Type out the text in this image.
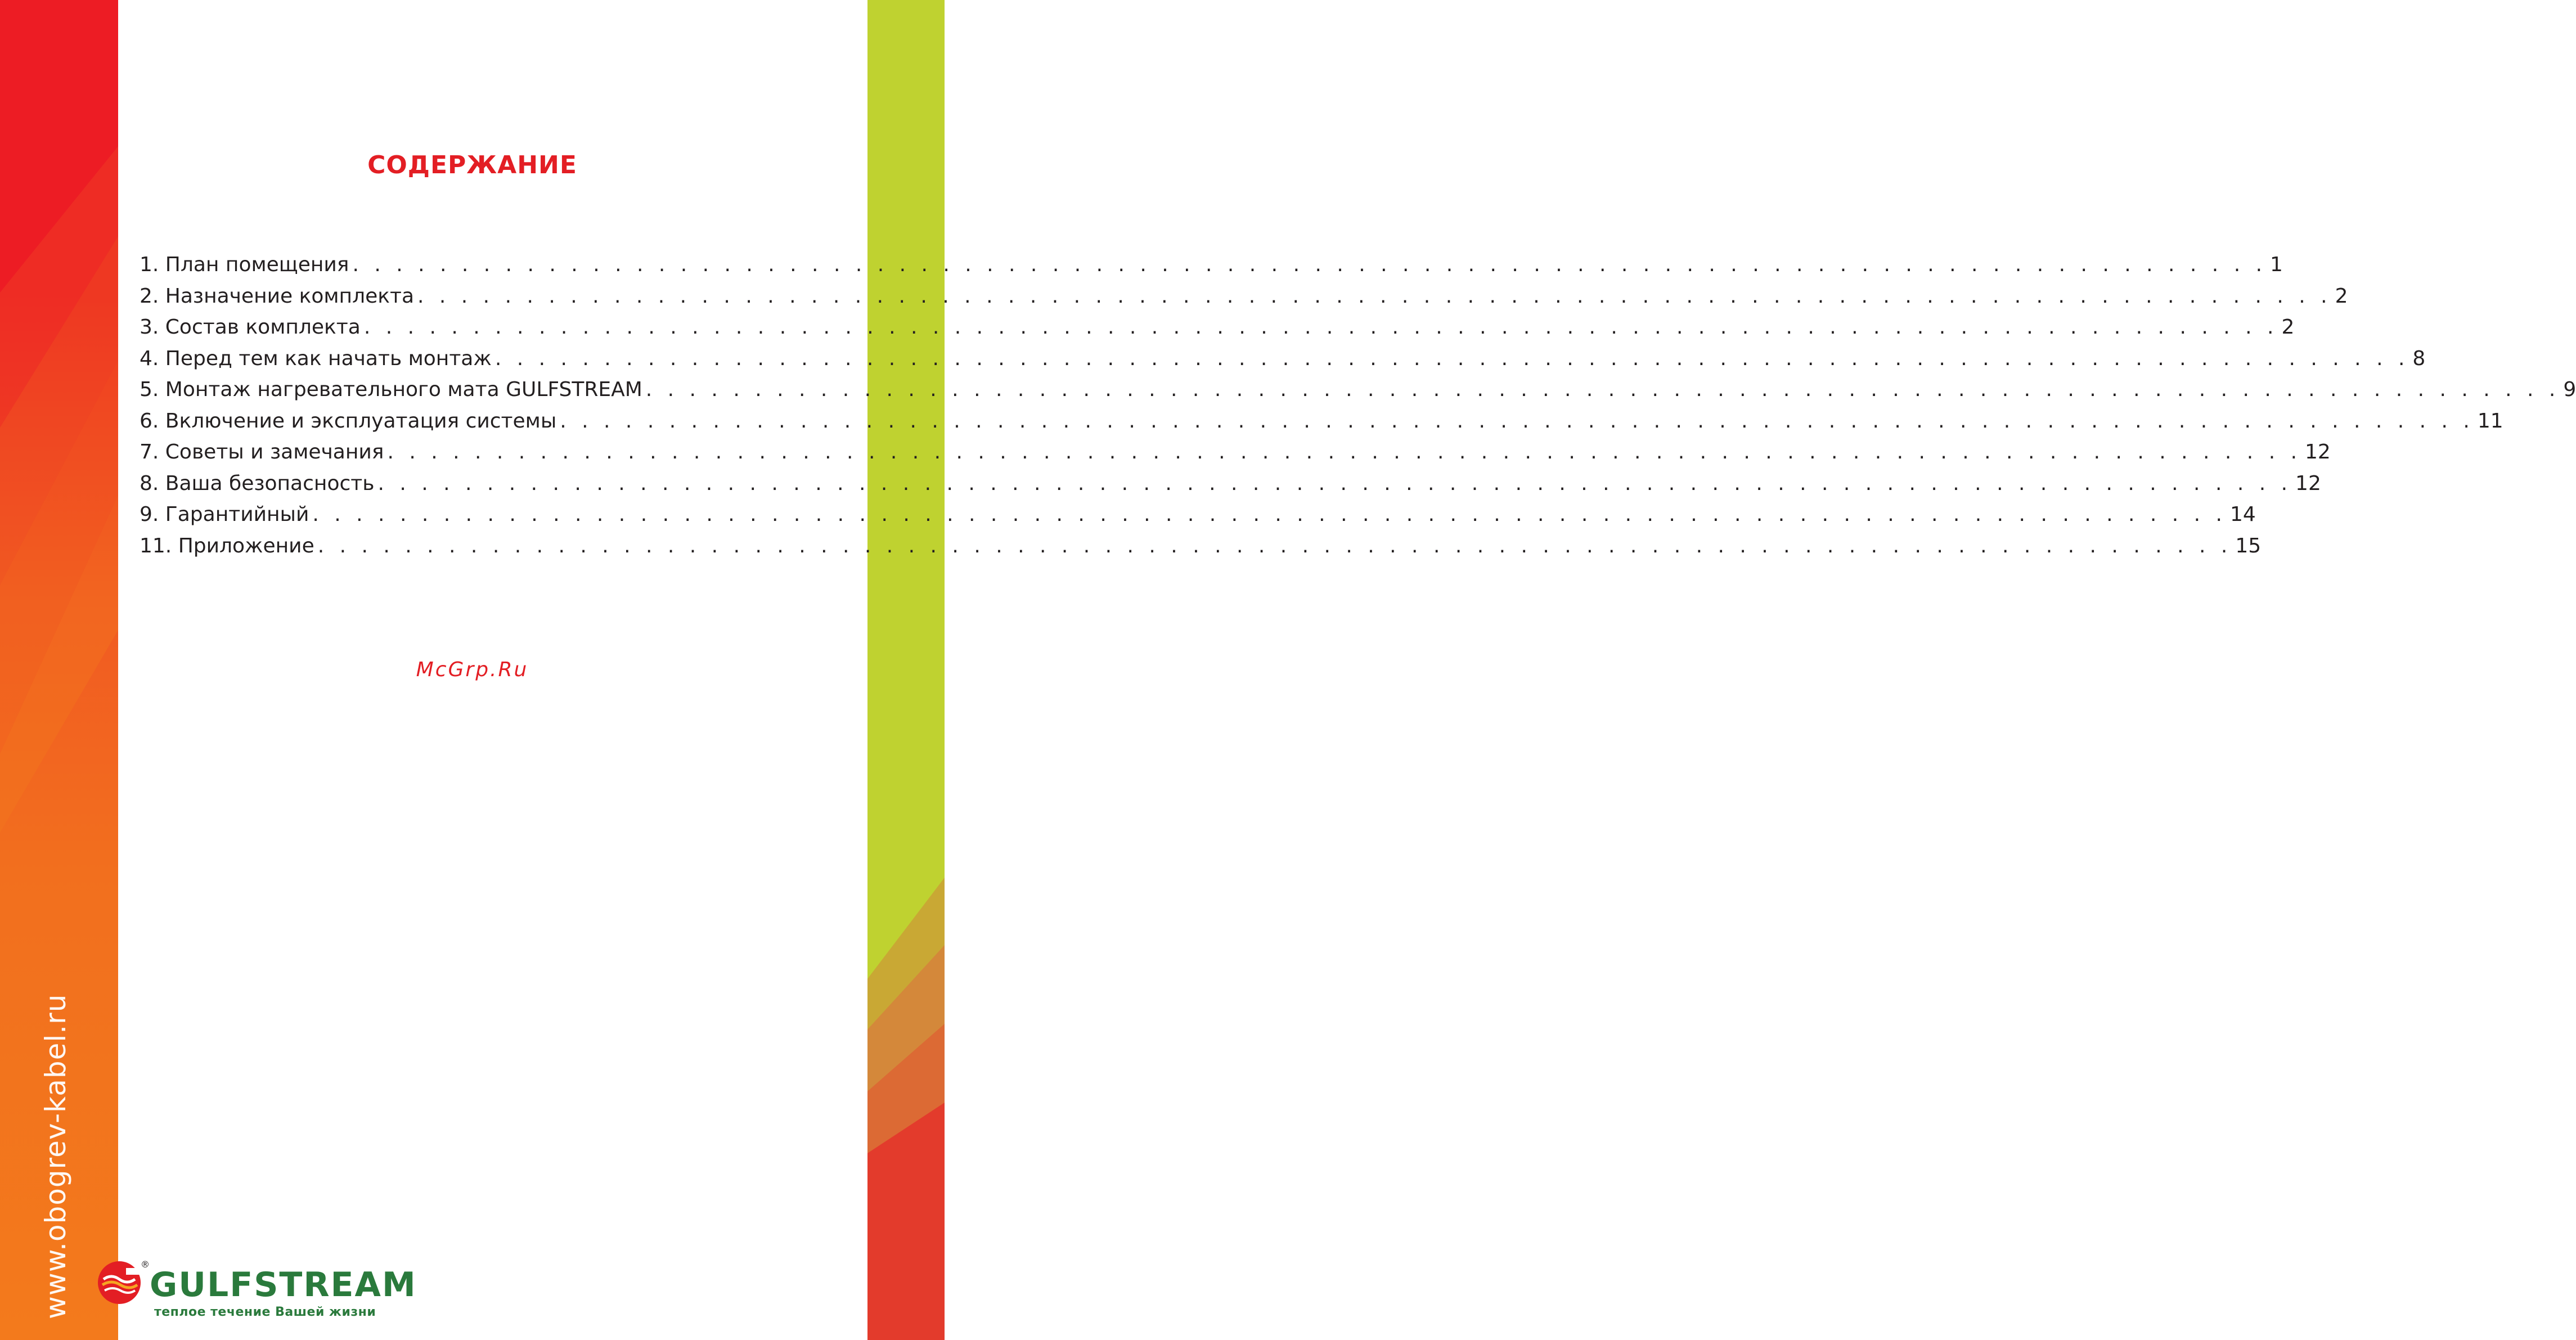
www.obogrev-kabel.ru
СОДЕРЖАНИЕ
1. План помещения . . .	1
2. Назначение комплекта . . .	2
3. Состав комплекта . . .	2
4. Перед тем как начать монтаж . . .	8
5. Монтаж нагревательного мата GULFSTREAM . . .	9
6. Включение и эксплуатация системы . . .	11
7. Советы и замечания . . .	12
8. Ваша безопасность . . .	12
9. Гарантийный . . .	14
11. Приложение . . .	15
McGrp.Ru
®
GULFSTREAM
теплое течение Вашей жизни
